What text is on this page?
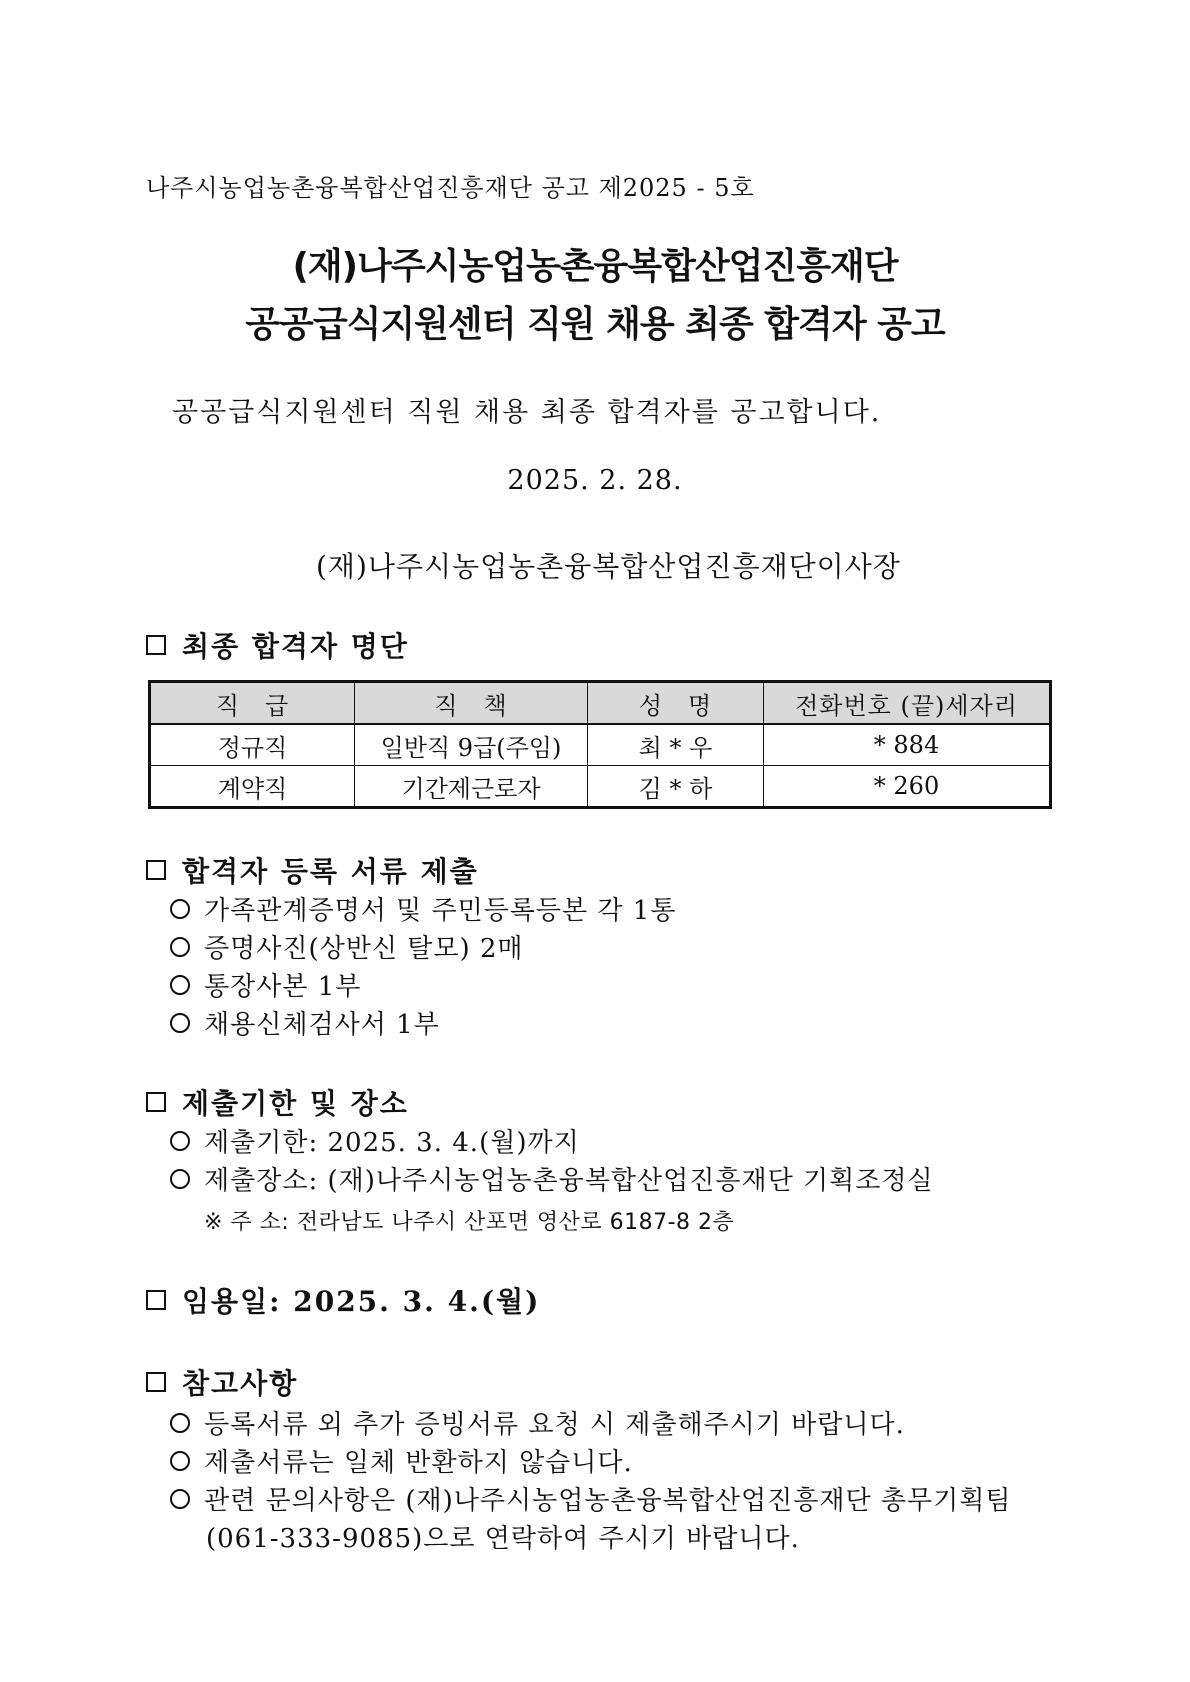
나주시농업농촌융복합산업진흥재단 공고 제2025 - 5호
(재)나주시농업농촌융복합산업진흥재단
공공급식지원센터 직원 채용 최종 합격자 공고
공공급식지원센터 직원 채용 최종 합격자를 공고합니다.
2025. 2. 28.
(재)나주시농업농촌융복합산업진흥재단이사장
최종 합격자 명단
직　급	직　책	성　명	전화번호 (끝)세자리
정규직	일반직 9급(주임)	최 * 우	* 884
계약직	기간제근로자	김 * 하	* 260
합격자 등록 서류 제출
가족관계증명서 및 주민등록등본 각 1통
증명사진(상반신 탈모) 2매
통장사본 1부
채용신체검사서 1부
제출기한 및 장소
제출기한: 2025. 3. 4.(월)까지
제출장소: (재)나주시농업농촌융복합산업진흥재단 기획조정실
※ 주 소: 전라남도 나주시 산포면 영산로 6187-8 2층
임용일: 2025. 3. 4.(월)
참고사항
등록서류 외 추가 증빙서류 요청 시 제출해주시기 바랍니다.
제출서류는 일체 반환하지 않습니다.
관련 문의사항은 (재)나주시농업농촌융복합산업진흥재단 총무기획팀
(061-333-9085)으로 연락하여 주시기 바랍니다.
